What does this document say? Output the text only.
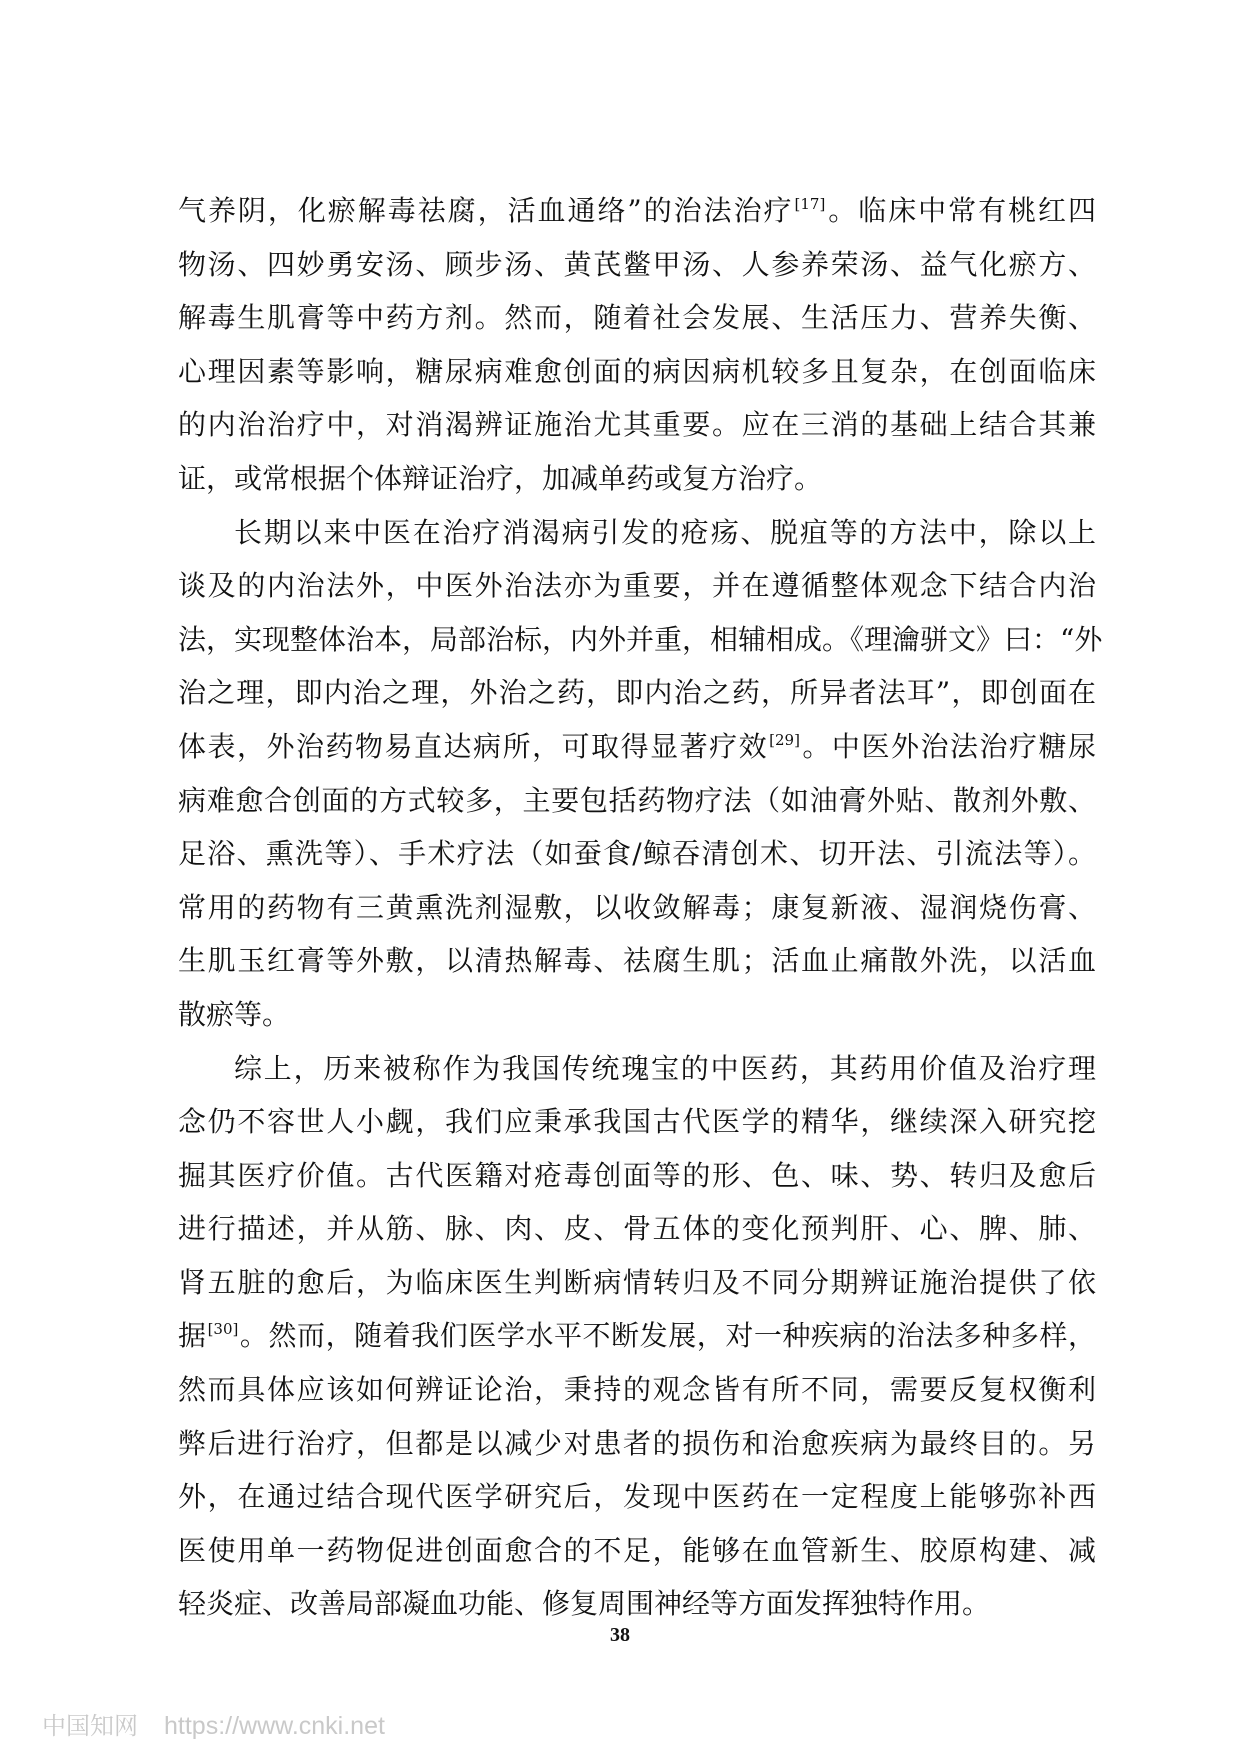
气养阴，化瘀解毒祛腐，活血通络”的治法治疗[17]。临床中常有桃红四
物汤、四妙勇安汤、顾步汤、黄芪鳖甲汤、人参养荣汤、益气化瘀方、
解毒生肌膏等中药方剂。然而，随着社会发展、生活压力、营养失衡、
心理因素等影响，糖尿病难愈创面的病因病机较多且复杂，在创面临床
的内治治疗中，对消渴辨证施治尤其重要。应在三消的基础上结合其兼
证，或常根据个体辩证治疗，加减单药或复方治疗。
长期以来中医在治疗消渴病引发的疮疡、脱疽等的方法中，除以上
谈及的内治法外，中医外治法亦为重要，并在遵循整体观念下结合内治
法，实现整体治本，局部治标，内外并重，相辅相成。《理瀹骈文》曰：“外
治之理，即内治之理，外治之药，即内治之药，所异者法耳”，即创面在
体表，外治药物易直达病所，可取得显著疗效[29]。中医外治法治疗糖尿
病难愈合创面的方式较多，主要包括药物疗法（如油膏外贴、散剂外敷、
足浴、熏洗等）、手术疗法（如蚕食/鲸吞清创术、切开法、引流法等）。
常用的药物有三黄熏洗剂湿敷，以收敛解毒；康复新液、湿润烧伤膏、
生肌玉红膏等外敷，以清热解毒、祛腐生肌；活血止痛散外洗，以活血
散瘀等。
综上，历来被称作为我国传统瑰宝的中医药，其药用价值及治疗理
念仍不容世人小觑，我们应秉承我国古代医学的精华，继续深入研究挖
掘其医疗价值。古代医籍对疮毒创面等的形、色、味、势、转归及愈后
进行描述，并从筋、脉、肉、皮、骨五体的变化预判肝、心、脾、肺、
肾五脏的愈后，为临床医生判断病情转归及不同分期辨证施治提供了依
据[30]。然而，随着我们医学水平不断发展，对一种疾病的治法多种多样，
然而具体应该如何辨证论治，秉持的观念皆有所不同，需要反复权衡利
弊后进行治疗，但都是以减少对患者的损伤和治愈疾病为最终目的。另
外，在通过结合现代医学研究后，发现中医药在一定程度上能够弥补西
医使用单一药物促进创面愈合的不足，能够在血管新生、胶原构建、减
轻炎症、改善局部凝血功能、修复周围神经等方面发挥独特作用。
38
中国知网 https://www.cnki.net
